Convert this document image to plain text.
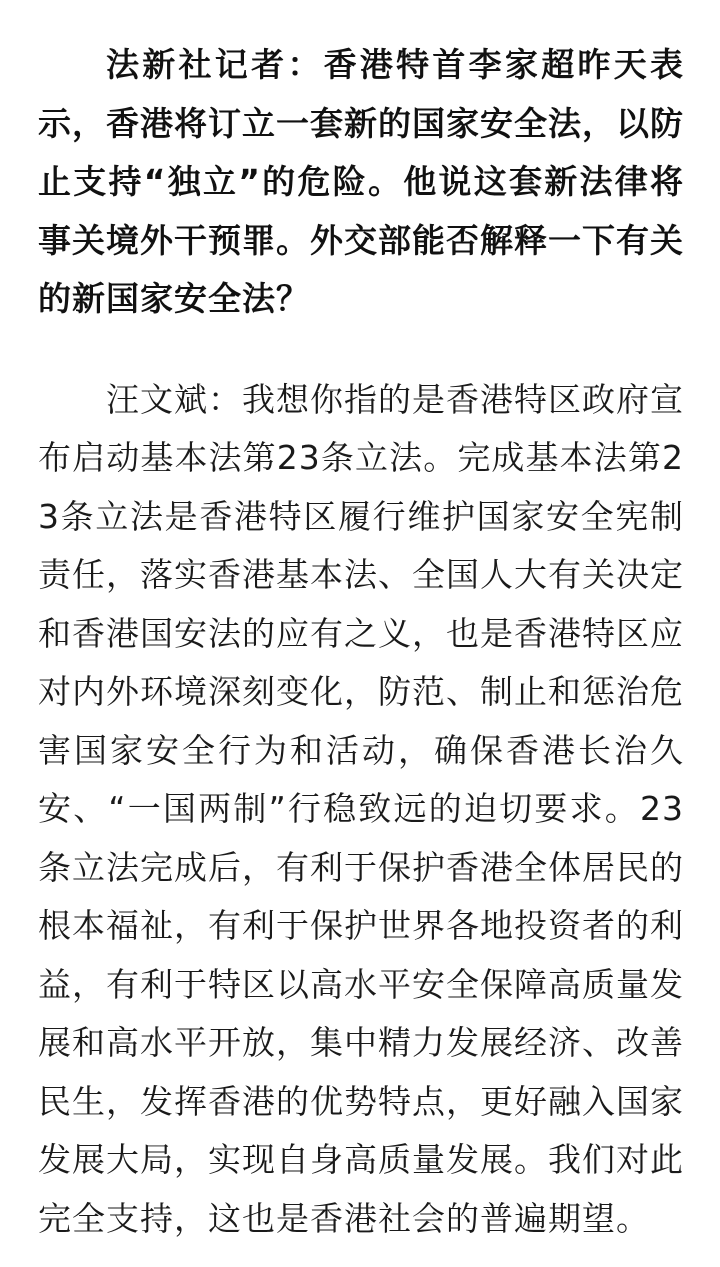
法新社记者：香港特首李家超昨天表示，香港将订立一套新的国家安全法，以防止支持“独立”的危险。他说这套新法律将事关境外干预罪。外交部能否解释一下有关的新国家安全法？

汪文斌：我想你指的是香港特区政府宣布启动基本法第23条立法。完成基本法第23条立法是香港特区履行维护国家安全宪制责任，落实香港基本法、全国人大有关决定和香港国安法的应有之义，也是香港特区应对内外环境深刻变化，防范、制止和惩治危害国家安全行为和活动，确保香港长治久安、“一国两制”行稳致远的迫切要求。23条立法完成后，有利于保护香港全体居民的根本福祉，有利于保护世界各地投资者的利益，有利于特区以高水平安全保障高质量发展和高水平开放，集中精力发展经济、改善民生，发挥香港的优势特点，更好融入国家发展大局，实现自身高质量发展。我们对此完全支持，这也是香港社会的普遍期望。
